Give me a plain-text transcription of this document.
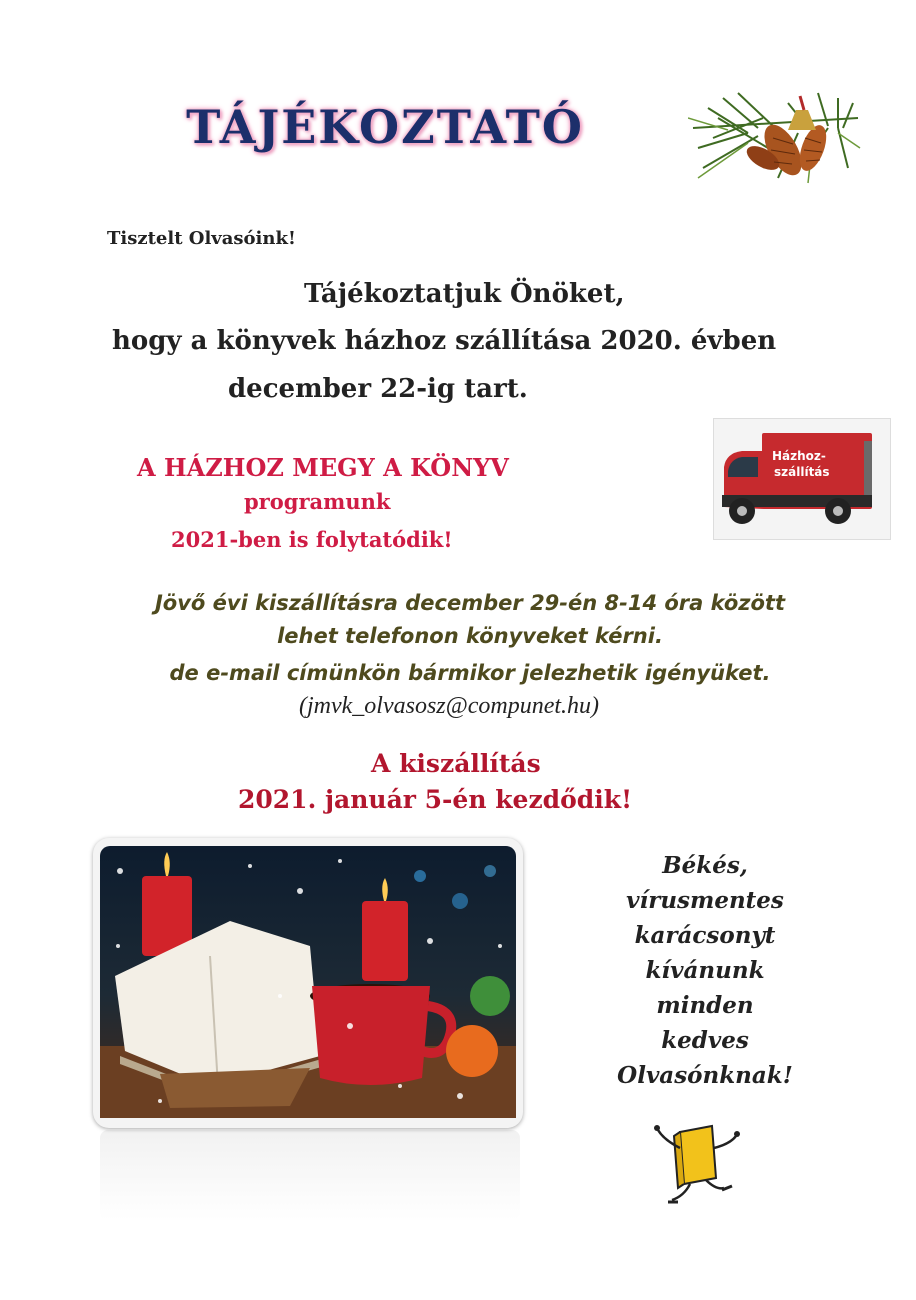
TÁJÉKOZTATÓ
Tisztelt Olvasóink!
Tájékoztatjuk Önöket,
hogy a könyvek házhoz szállítása 2020. évben
december 22-ig tart.
A HÁZHOZ MEGY A KÖNYV
programunk
2021-ben is folytatódik!
Házhoz-
szállítás
Jövő évi kiszállításra december 29-én 8-14 óra között
lehet telefonon könyveket kérni.
de e-mail címünkön bármikor jelezhetik igényüket.
(jmvk_olvasosz@compunet.hu)
A kiszállítás
2021. január 5-én kezdődik!
Békés,
vírusmentes
karácsonyt
kívánunk
minden
kedves
Olvasónknak!
